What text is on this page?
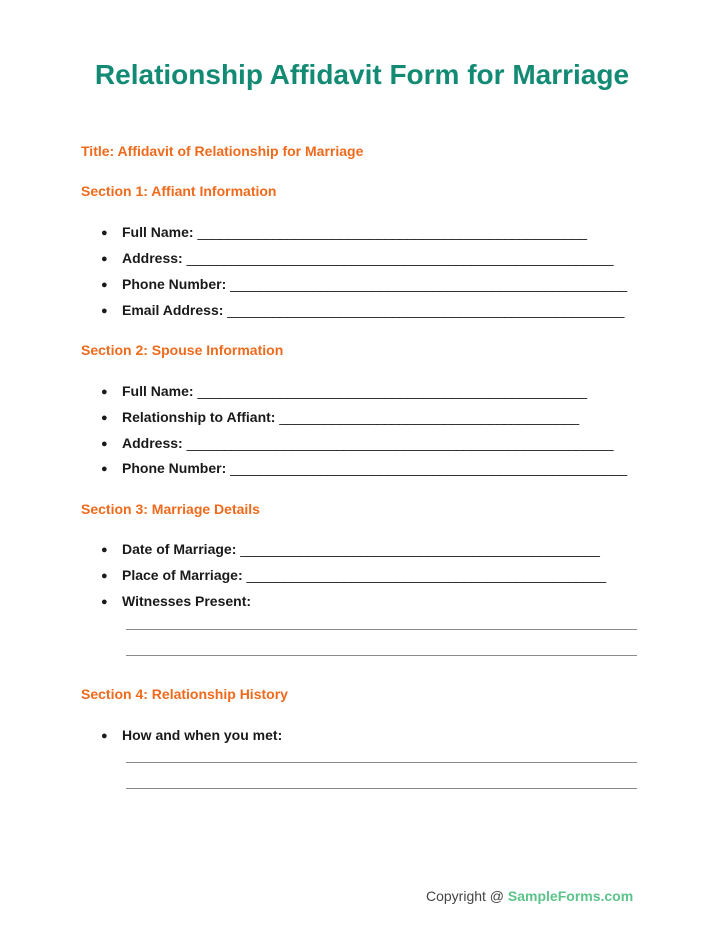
Relationship Affidavit Form for Marriage
Title: Affidavit of Relationship for Marriage
Section 1: Affiant Information
● Full Name: ____________________________________________________
● Address: _________________________________________________________
● Phone Number: _____________________________________________________
● Email Address: _____________________________________________________
Section 2: Spouse Information
● Full Name: ____________________________________________________
● Relationship to Affiant: ________________________________________
● Address: _________________________________________________________
● Phone Number: _____________________________________________________
Section 3: Marriage Details
● Date of Marriage: ________________________________________________
● Place of Marriage: ________________________________________________
● Witnesses Present:
Section 4: Relationship History
● How and when you met:
Copyright @ SampleForms.com
